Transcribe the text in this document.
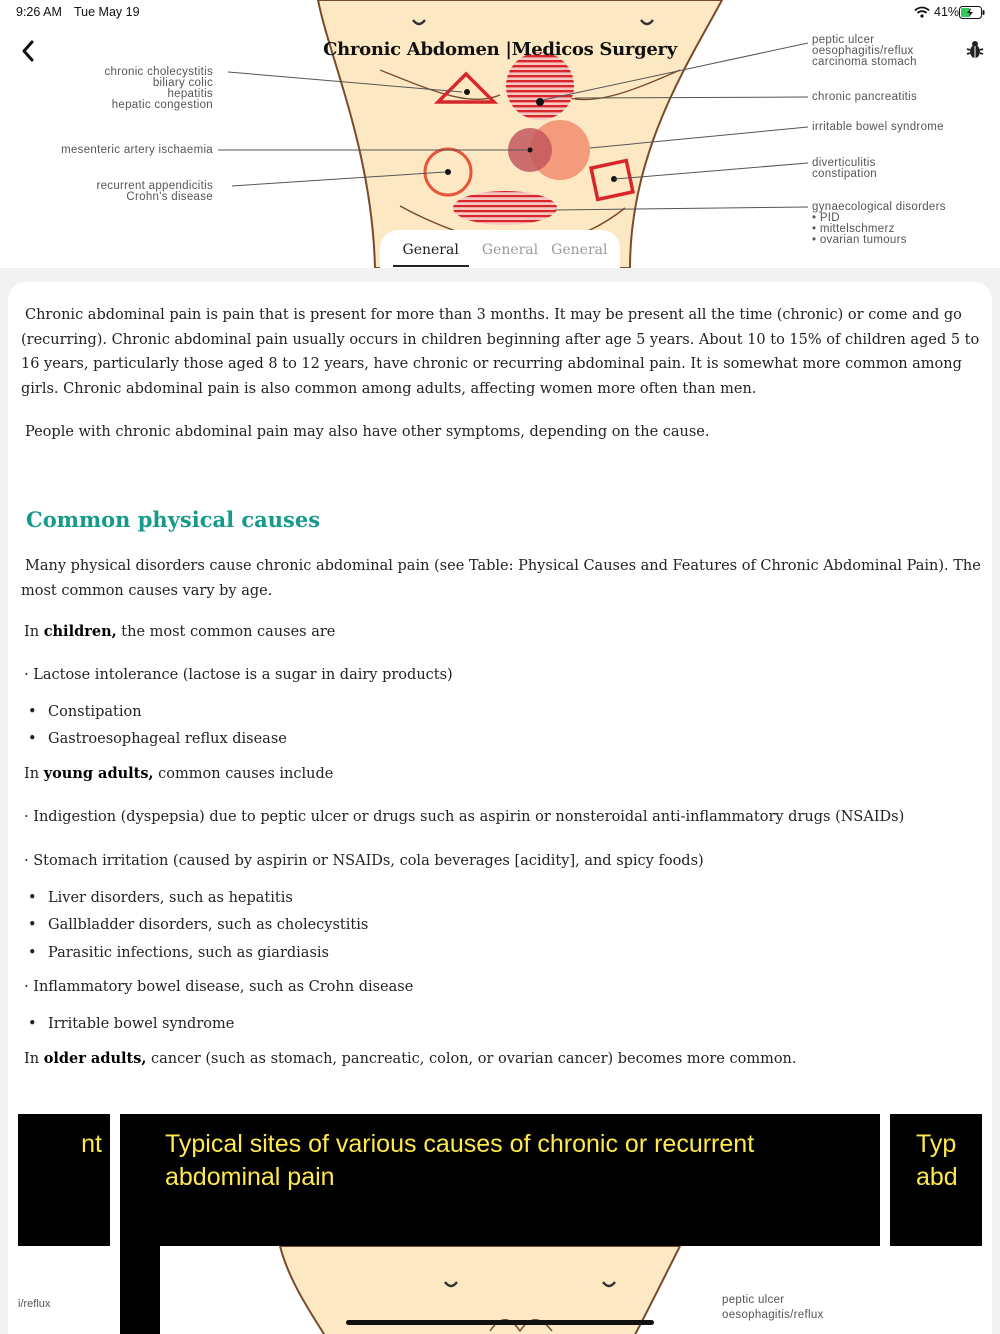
chronic cholecystitis biliary colic hepatitis hepatic congestion
mesenteric artery ischaemia
recurrent appendicitis Crohn's disease
peptic ulcer oesophagitis/reflux carcinoma stomach
chronic pancreatitis
irritable bowel syndrome
diverticulitis constipation
gynaecological disorders • PID • mittelschmerz • ovarian tumours
9:26 AM Tue May 19	41%
Chronic Abdomen |Medicos Surgery
General	General General

Chronic abdominal pain is pain that is present for more than 3 months. It may be present all the time (chronic) or come and go (recurring). Chronic abdominal pain usually occurs in children beginning after age 5 years. About 10 to 15% of children aged 5 to 16 years, particularly those aged 8 to 12 years, have chronic or recurring abdominal pain. It is somewhat more common among girls. Chronic abdominal pain is also common among adults, affecting women more often than men.

People with chronic abdominal pain may also have other symptoms, depending on the cause.

Common physical causes

Many physical disorders cause chronic abdominal pain (see Table: Physical Causes and Features of Chronic Abdominal Pain). The most common causes vary by age.

In children, the most common causes are
· Lactose intolerance (lactose is a sugar in dairy products)
• Constipation
• Gastroesophageal reflux disease
In young adults, common causes include
· Indigestion (dyspepsia) due to peptic ulcer or drugs such as aspirin or nonsteroidal anti-inflammatory drugs (NSAIDs)
· Stomach irritation (caused by aspirin or NSAIDs, cola beverages [acidity], and spicy foods)
• Liver disorders, such as hepatitis
• Gallbladder disorders, such as cholecystitis
• Parasitic infections, such as giardiasis
· Inflammatory bowel disease, such as Crohn disease
• Irritable bowel syndrome
In older adults, cancer (such as stomach, pancreatic, colon, or ovarian cancer) becomes more common.
nt
i/reflux
Typical sites of various causes of chronic or recurrent
abdominal pain
peptic ulcer
oesophagitis/reflux
Typ
abd
